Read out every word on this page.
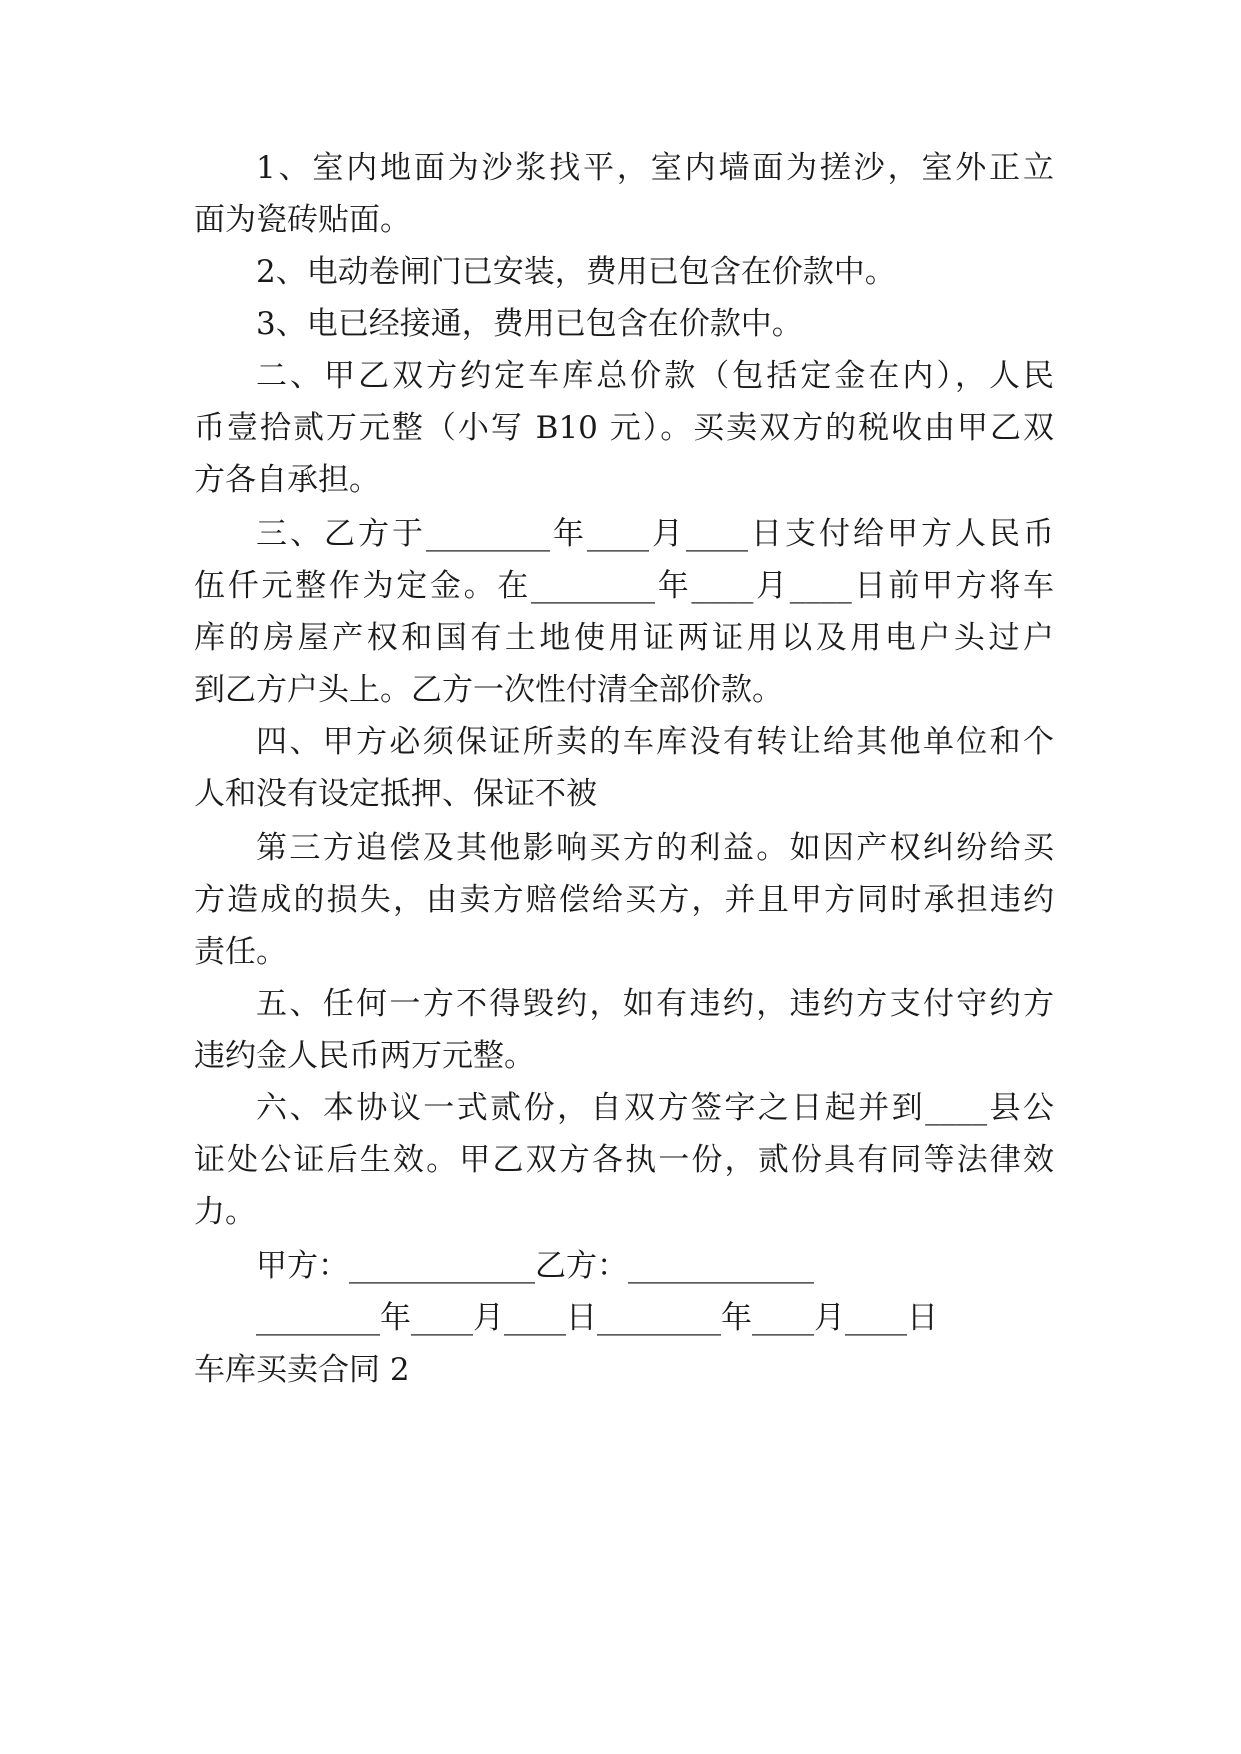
1、室内地面为沙浆找平，室内墙面为搓沙，室外正立
面为瓷砖贴面。
2、电动卷闸门已安装，费用已包含在价款中。
3、电已经接通，费用已包含在价款中。
二、甲乙双方约定车库总价款（包括定金在内），人民
币壹拾贰万元整（小写 B10 元）。买卖双方的税收由甲乙双
方各自承担。
三、乙方于________年____月____日支付给甲方人民币
伍仟元整作为定金。在________年____月____日前甲方将车
库的房屋产权和国有土地使用证两证用以及用电户头过户
到乙方户头上。乙方一次性付清全部价款。
四、甲方必须保证所卖的车库没有转让给其他单位和个
人和没有设定抵押、保证不被
第三方追偿及其他影响买方的利益。如因产权纠纷给买
方造成的损失，由卖方赔偿给买方，并且甲方同时承担违约
责任。
五、任何一方不得毁约，如有违约，违约方支付守约方
违约金人民币两万元整。
六、本协议一式贰份，自双方签字之日起并到____县公
证处公证后生效。甲乙双方各执一份，贰份具有同等法律效
力。
甲方：____________乙方：____________
________年____月____日________年____月____日
车库买卖合同 2
